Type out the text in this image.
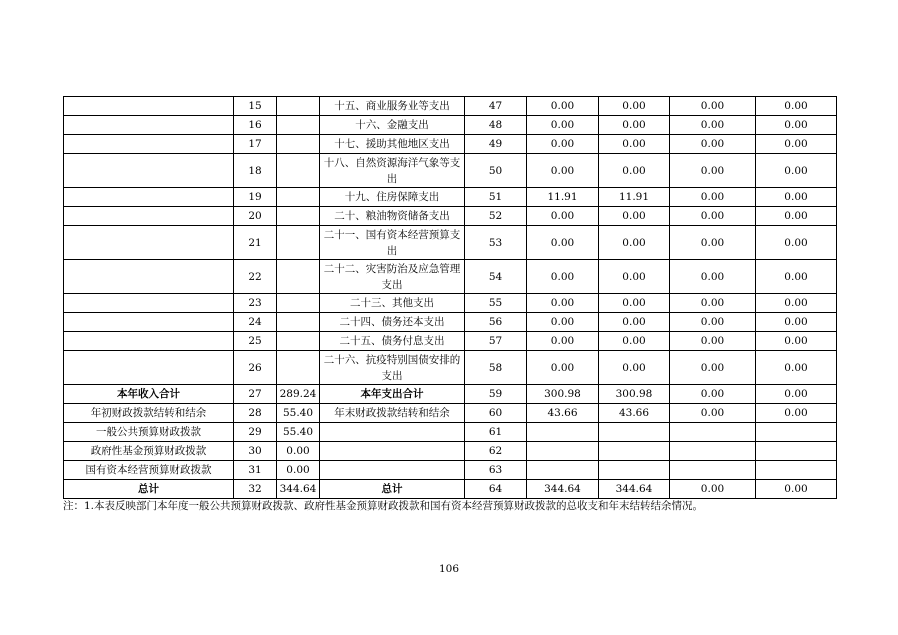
	15		十五、商业服务业等支出	47	0.00	0.00	0.00	0.00
	16		十六、金融支出	48	0.00	0.00	0.00	0.00
	17		十七、援助其他地区支出	49	0.00	0.00	0.00	0.00
	18		十八、自然资源海洋气象等支出	50	0.00	0.00	0.00	0.00
	19		十九、住房保障支出	51	11.91	11.91	0.00	0.00
	20		二十、粮油物资储备支出	52	0.00	0.00	0.00	0.00
	21		二十一、国有资本经营预算支出	53	0.00	0.00	0.00	0.00
	22		二十二、灾害防治及应急管理支出	54	0.00	0.00	0.00	0.00
	23		二十三、其他支出	55	0.00	0.00	0.00	0.00
	24		二十四、债务还本支出	56	0.00	0.00	0.00	0.00
	25		二十五、债务付息支出	57	0.00	0.00	0.00	0.00
	26		二十六、抗疫特别国债安排的支出	58	0.00	0.00	0.00	0.00
本年收入合计	27	289.24	本年支出合计	59	300.98	300.98	0.00	0.00
年初财政拨款结转和结余	28	55.40	年末财政拨款结转和结余	60	43.66	43.66	0.00	0.00
一般公共预算财政拨款	29	55.40		61				
政府性基金预算财政拨款	30	0.00		62				
国有资本经营预算财政拨款	31	0.00		63				
总计	32	344.64	总计	64	344.64	344.64	0.00	0.00
注：1.本表反映部门本年度一般公共预算财政拨款、政府性基金预算财政拨款和国有资本经营预算财政拨款的总收支和年末结转结余情况。
106
